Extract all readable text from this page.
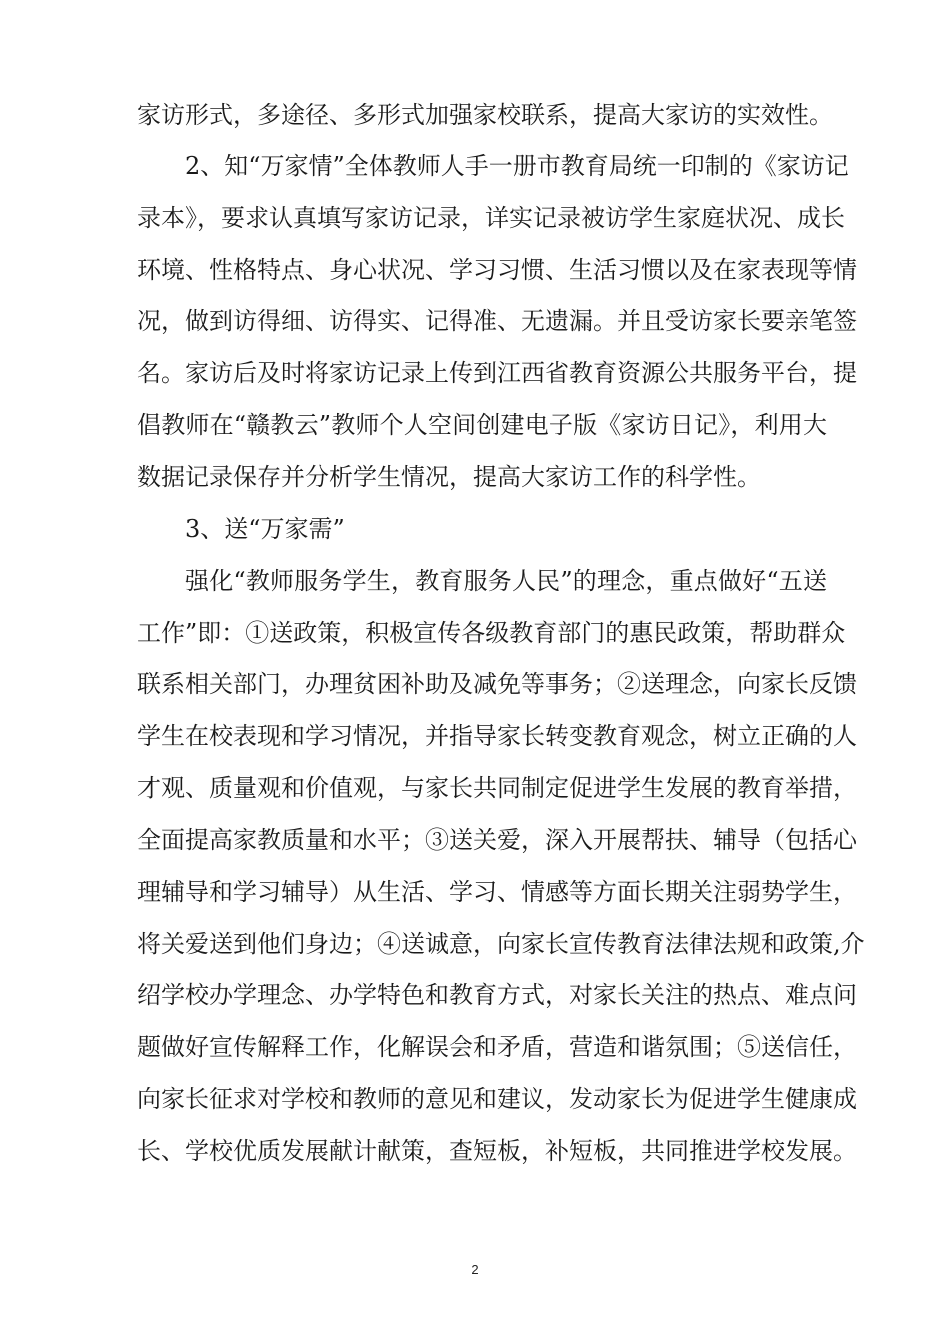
家访形式，多途径、多形式加强家校联系，提高大家访的实效性。
2、知“万家情”全体教师人手一册市教育局统一印制的《家访记
录本》，要求认真填写家访记录，详实记录被访学生家庭状况、成长
环境、性格特点、身心状况、学习习惯、生活习惯以及在家表现等情
况，做到访得细、访得实、记得准、无遗漏。并且受访家长要亲笔签
名。家访后及时将家访记录上传到江西省教育资源公共服务平台，提
倡教师在“赣教云”教师个人空间创建电子版《家访日记》，利用大
数据记录保存并分析学生情况，提高大家访工作的科学性。
3、送“万家需”
强化“教师服务学生，教育服务人民”的理念，重点做好“五送
工作”即：①送政策，积极宣传各级教育部门的惠民政策，帮助群众
联系相关部门，办理贫困补助及减免等事务；②送理念，向家长反馈
学生在校表现和学习情况，并指导家长转变教育观念，树立正确的人
才观、质量观和价值观，与家长共同制定促进学生发展的教育举措，
全面提高家教质量和水平；③送关爱，深入开展帮扶、辅导（包括心
理辅导和学习辅导）从生活、学习、情感等方面长期关注弱势学生，
将关爱送到他们身边；④送诚意，向家长宣传教育法律法规和政策,介
绍学校办学理念、办学特色和教育方式，对家长关注的热点、难点问
题做好宣传解释工作，化解误会和矛盾，营造和谐氛围；⑤送信任，
向家长征求对学校和教师的意见和建议，发动家长为促进学生健康成
长、学校优质发展献计献策，查短板，补短板，共同推进学校发展。
2
